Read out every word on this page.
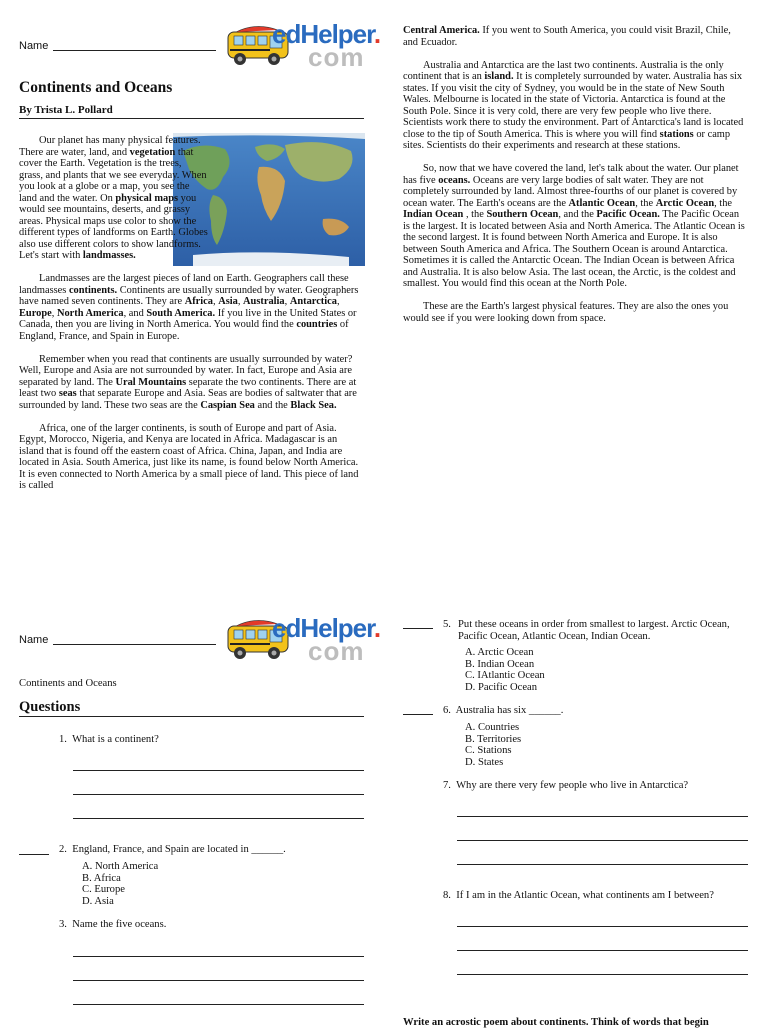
Name	edHelper.
com
Continents and Oceans
By Trista L. Pollard

Our planet has many physical features. There are water, land, and vegetation that cover the Earth. Vegetation is the trees, grass, and plants that we see everyday. When you look at a globe or a map, you see the land and the water. On physical maps you would see mountains, deserts, and grassy areas. Physical maps use color to show the different types of landforms on Earth. Globes also use different colors to show landforms. Let's start with landmasses.

Landmasses are the largest pieces of land on Earth. Geographers call these landmasses continents. Continents are usually surrounded by water. Geographers have named seven continents. They are Africa, Asia, Australia, Antarctica, Europe, North America, and South America. If you live in the United States or Canada, then you are living in North America. You would find the countries of England, France, and Spain in Europe.

Remember when you read that continents are usually surrounded by water? Well, Europe and Asia are not surrounded by water. In fact, Europe and Asia are separated by land. The Ural Mountains separate the two continents. There are at least two seas that separate Europe and Asia. Seas are bodies of saltwater that are surrounded by land. These two seas are the Caspian Sea and the Black Sea.

Africa, one of the larger continents, is south of Europe and part of Asia. Egypt, Morocco, Nigeria, and Kenya are located in Africa. Madagascar is an island that is found off the eastern coast of Africa. China, Japan, and India are located in Asia. South America, just like its name, is found below North America. It is even connected to North America by a small piece of land. This piece of land is called

Central America. If you went to South America, you could visit Brazil, Chile, and Ecuador.

Australia and Antarctica are the last two continents. Australia is the only continent that is an island. It is completely surrounded by water. Australia has six states. If you visit the city of Sydney, you would be in the state of New South Wales. Melbourne is located in the state of Victoria. Antarctica is found at the South Pole. Since it is very cold, there are very few people who live there. Scientists work there to study the environment. Part of Antarctica's land is located close to the tip of South America. This is where you will find stations or camp sites. Scientists do their experiments and research at these stations.

So, now that we have covered the land, let's talk about the water. Our planet has five oceans. Oceans are very large bodies of salt water. They are not completely surrounded by land. Almost three-fourths of our planet is covered by ocean water. The Earth's oceans are the Atlantic Ocean, the Arctic Ocean, the Indian Ocean , the Southern Ocean, and the Pacific Ocean. The Pacific Ocean is the largest. It is located between Asia and North America. The Atlantic Ocean is the second largest. It is found between North America and Europe. It is also between South America and Africa. The Southern Ocean is around Antarctica. Sometimes it is called the Antarctic Ocean. The Indian Ocean is between Africa and Australia. It is also below Asia. The last ocean, the Arctic, is the coldest and smallest. You would find this ocean at the North Pole.

These are the Earth's largest physical features. They are also the ones you would see if you were looking down from space.

Name	edHelper.
com
Continents and Oceans
Questions
1. What is a continent?
2. England, France, and Spain are located in ______.
A. North America
B. Africa
C. Europe
D. Asia
3. Name the five oceans.
5. Put these oceans in order from smallest to largest. Arctic Ocean, Pacific Ocean, Atlantic Ocean, Indian Ocean.
A. Arctic Ocean
B. Indian Ocean
C. IAtlantic Ocean
D. Pacific Ocean
6. Australia has six ______.
A. Countries
B. Territories
C. Stations
D. States
7. Why are there very few people who live in Antarctica?
8. If I am in the Atlantic Ocean, what continents am I between?
Write an acrostic poem about continents. Think of words that begin
